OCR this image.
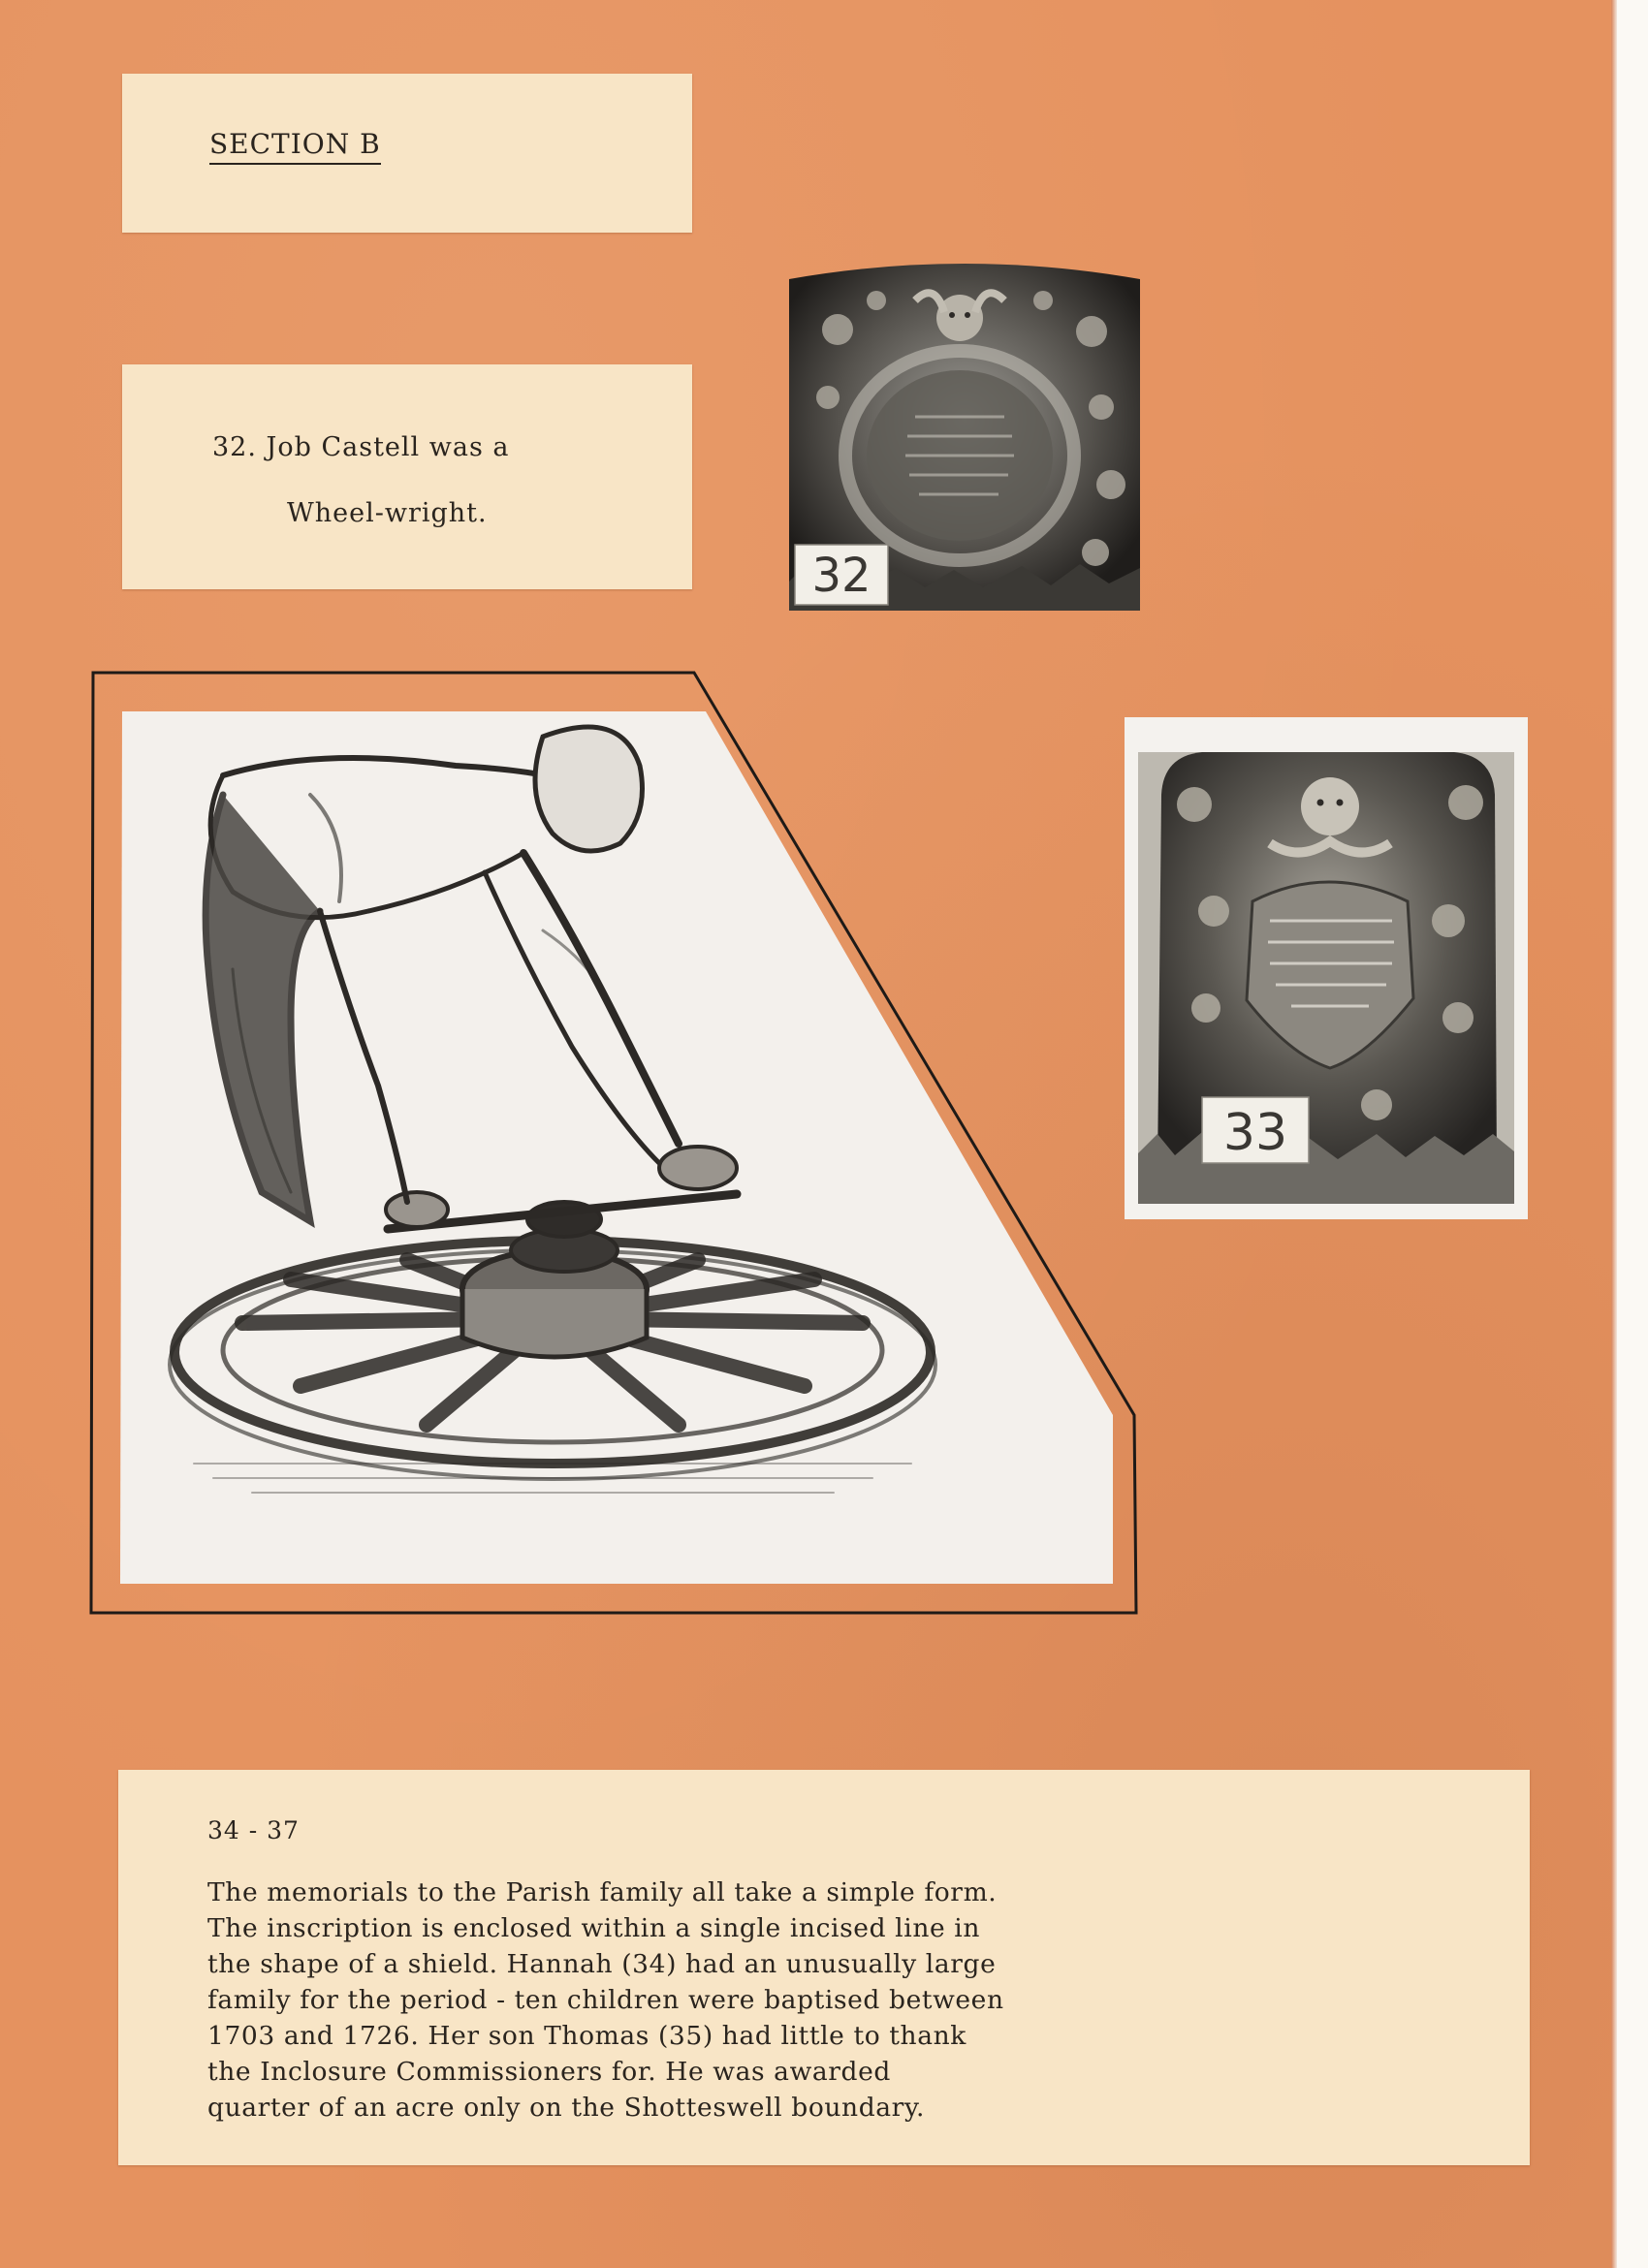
SECTION B
32. Job Castell was a
Wheel-wright.
32
33
34 - 37
The memorials to the Parish family all take a simple form.
The inscription is enclosed within a single incised line in
the shape of a shield. Hannah (34) had an unusually large
family for the period - ten children were baptised between
1703 and 1726. Her son Thomas (35) had little to thank
the Inclosure Commissioners for. He was awarded
quarter of an acre only on the Shotteswell boundary.
